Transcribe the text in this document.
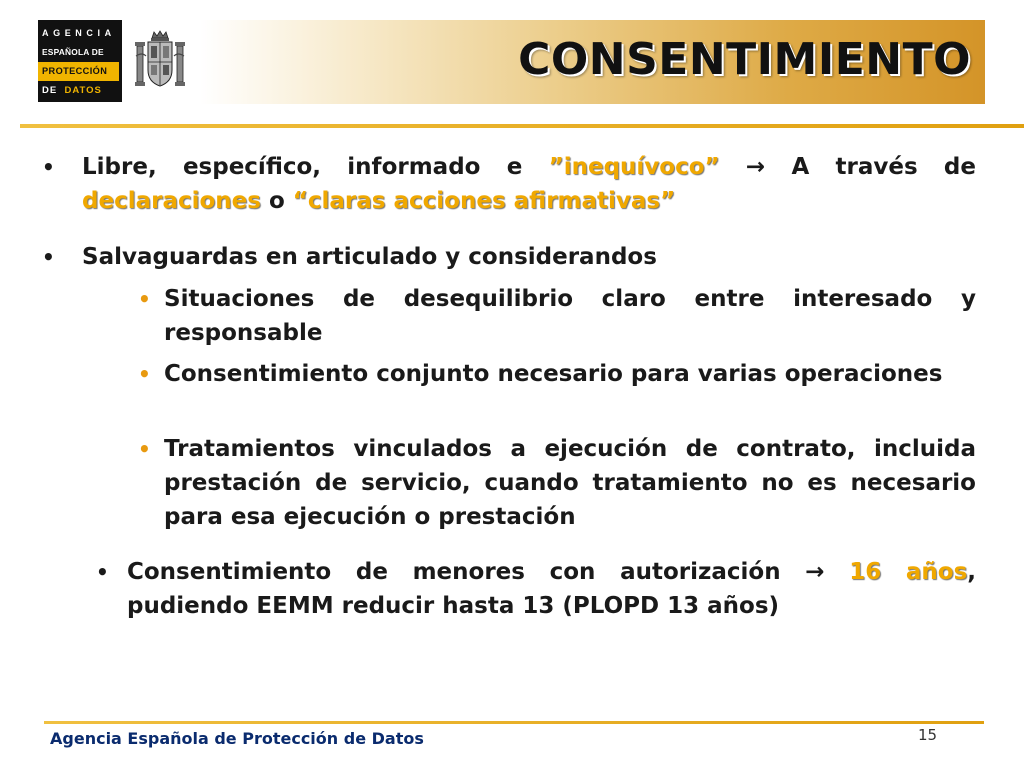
AGENCIA
ESPAÑOLA DE
PROTECCIÓN
DE DATOS
CONSENTIMIENTO
• Libre, específico, informado e ”inequívoco” → A través de declaraciones o “claras acciones afirmativas”
• Salvaguardas en articulado y considerandos
• Situaciones de desequilibrio claro entre interesado y responsable
• Consentimiento conjunto necesario para varias operaciones
• Tratamientos vinculados a ejecución de contrato, incluida prestación de servicio, cuando tratamiento no es necesario para esa ejecución o prestación
• Consentimiento de menores con autorización → 16 años, pudiendo EEMM reducir hasta 13 (PLOPD 13 años)
Agencia Española de Protección de Datos	15
